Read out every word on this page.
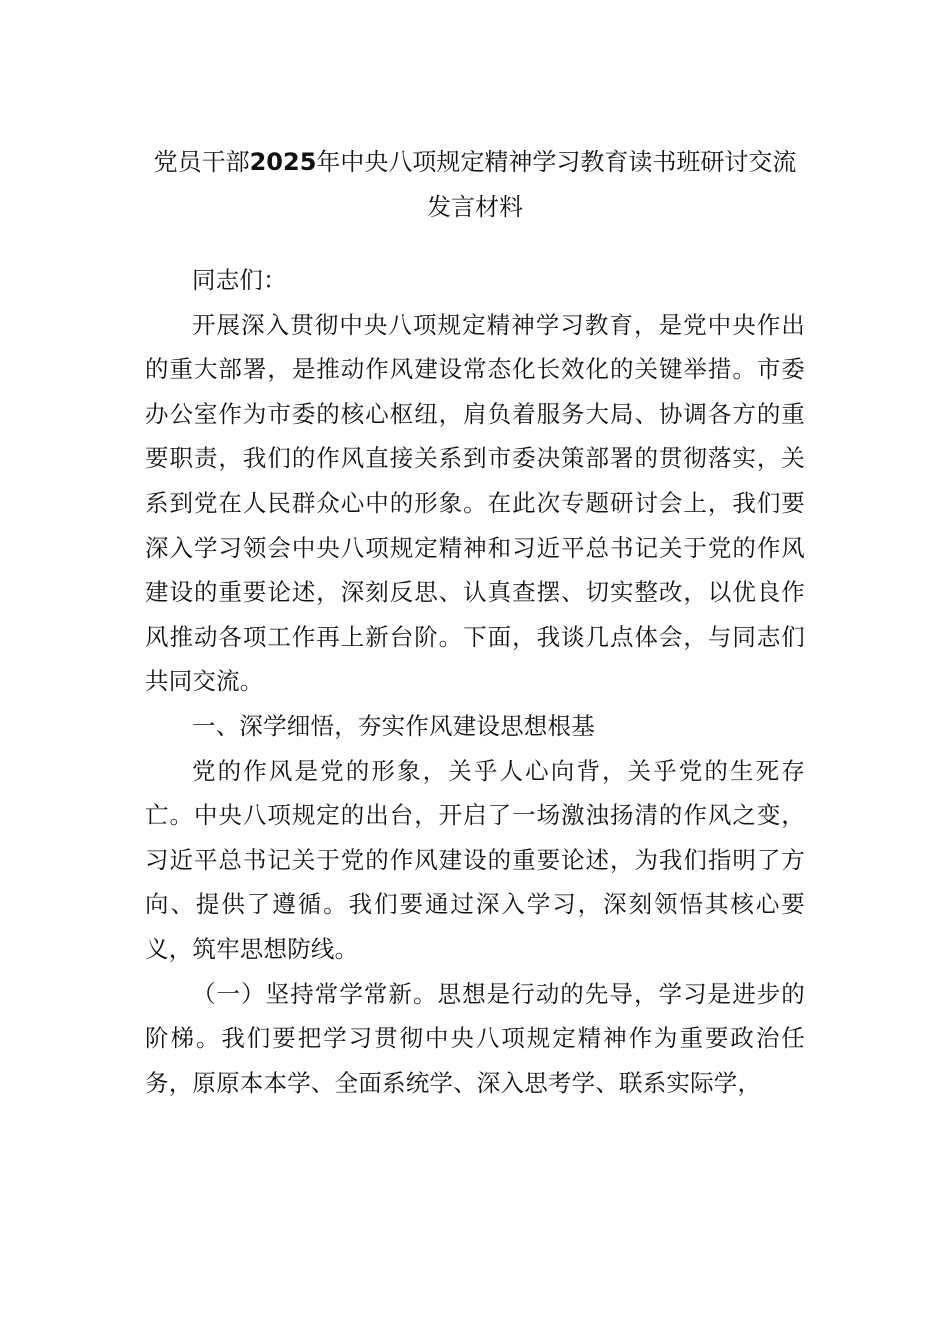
党员干部2025年中央八项规定精神学习教育读书班研讨交流发言材料

同志们：

开展深入贯彻中央八项规定精神学习教育，是党中央作出的重大部署，是推动作风建设常态化长效化的关键举措。市委办公室作为市委的核心枢纽，肩负着服务大局、协调各方的重要职责，我们的作风直接关系到市委决策部署的贯彻落实，关系到党在人民群众心中的形象。在此次专题研讨会上，我们要深入学习领会中央八项规定精神和习近平总书记关于党的作风建设的重要论述，深刻反思、认真查摆、切实整改，以优良作风推动各项工作再上新台阶。下面，我谈几点体会，与同志们共同交流。

一、深学细悟，夯实作风建设思想根基

党的作风是党的形象，关乎人心向背，关乎党的生死存亡。中央八项规定的出台，开启了一场激浊扬清的作风之变，习近平总书记关于党的作风建设的重要论述，为我们指明了方向、提供了遵循。我们要通过深入学习，深刻领悟其核心要义，筑牢思想防线。

（一）坚持常学常新。思想是行动的先导，学习是进步的阶梯。我们要把学习贯彻中央八项规定精神作为重要政治任务，原原本本学、全面系统学、深入思考学、联系实际学，
